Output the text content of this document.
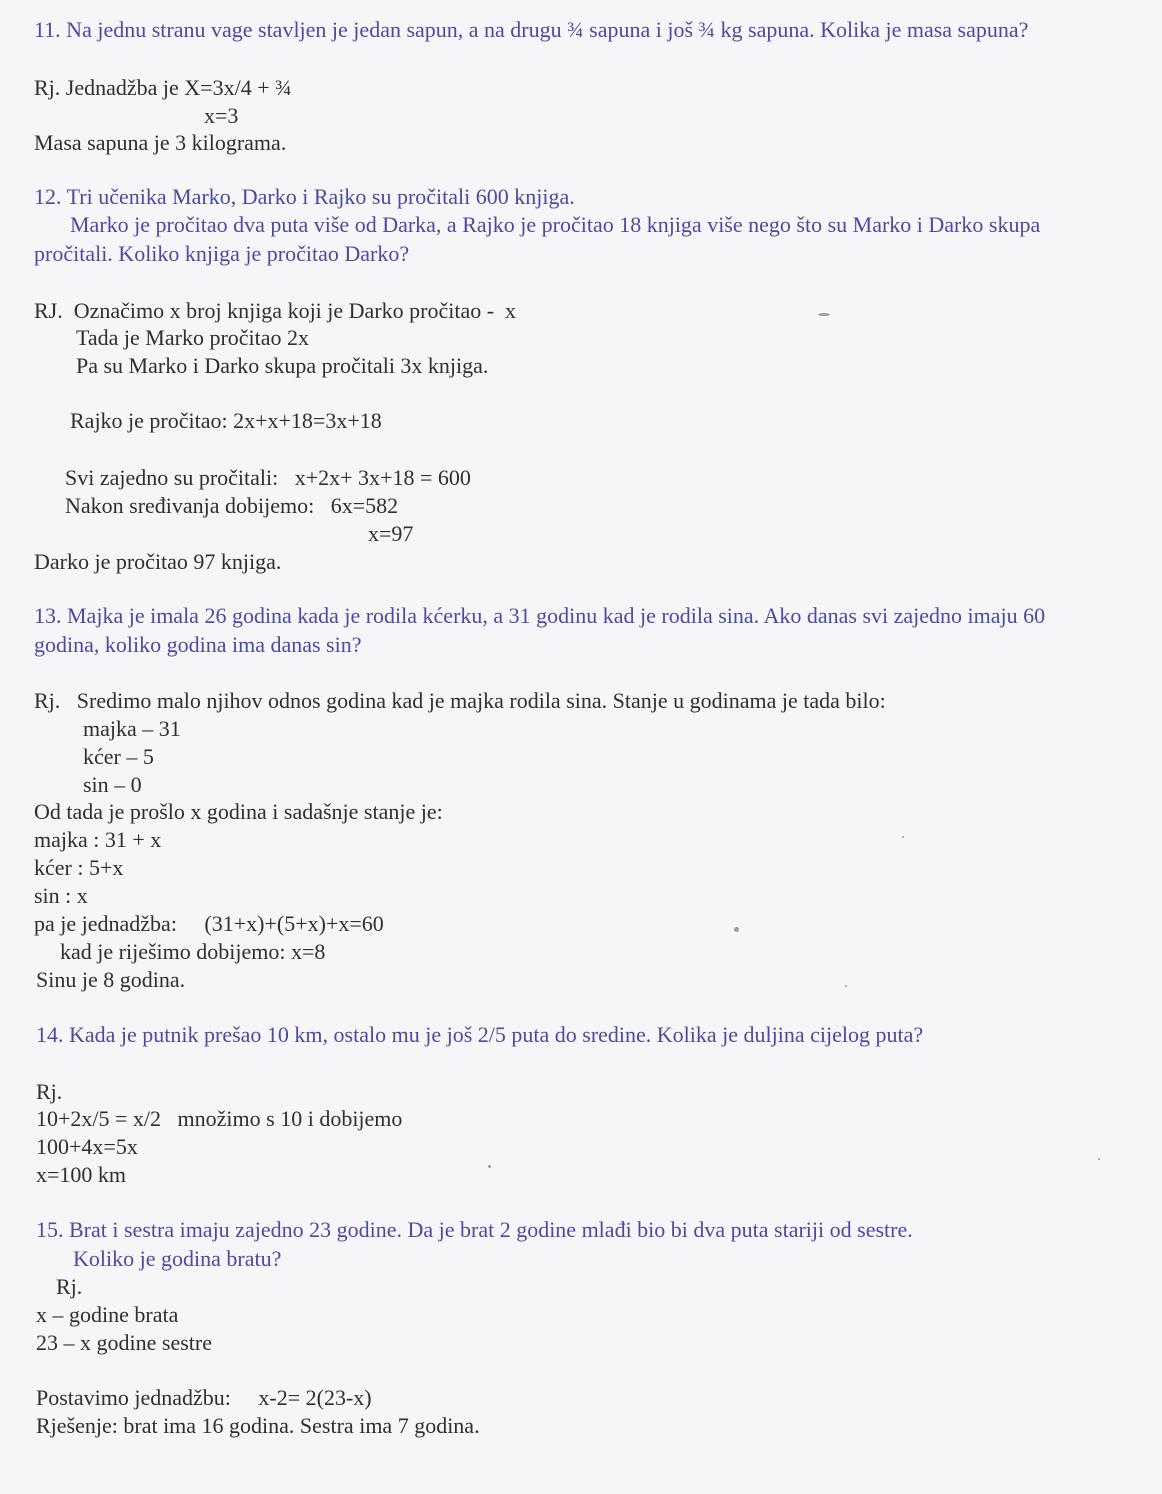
11. Na jednu stranu vage stavljen je jedan sapun, a na drugu ¾ sapuna i još ¾ kg sapuna. Kolika je masa sapuna?
Rj. Jednadžba je X=3x/4 + ¾
x=3
Masa sapuna je 3 kilograma.
12. Tri učenika Marko, Darko i Rajko su pročitali 600 knjiga.
Marko je pročitao dva puta više od Darka, a Rajko je pročitao 18 knjiga više nego što su Marko i Darko skupa
pročitali. Koliko knjiga je pročitao Darko?
RJ.  Označimo x broj knjiga koji je Darko pročitao -  x
Tada je Marko pročitao 2x
Pa su Marko i Darko skupa pročitali 3x knjiga.
Rajko je pročitao: 2x+x+18=3x+18
Svi zajedno su pročitali:   x+2x+ 3x+18 = 600
Nakon sređivanja dobijemo:   6x=582
x=97
Darko je pročitao 97 knjiga.
13. Majka je imala 26 godina kada je rodila kćerku, a 31 godinu kad je rodila sina. Ako danas svi zajedno imaju 60
godina, koliko godina ima danas sin?
Rj.   Sredimo malo njihov odnos godina kad je majka rodila sina. Stanje u godinama je tada bilo:
majka – 31
kćer – 5
sin – 0
Od tada je prošlo x godina i sadašnje stanje je:
majka : 31 + x
kćer : 5+x
sin : x
pa je jednadžba:     (31+x)+(5+x)+x=60
kad je riješimo dobijemo: x=8
Sinu je 8 godina.
14. Kada je putnik prešao 10 km, ostalo mu je još 2/5 puta do sredine. Kolika je duljina cijelog puta?
Rj.
10+2x/5 = x/2   množimo s 10 i dobijemo
100+4x=5x
x=100 km
15. Brat i sestra imaju zajedno 23 godine. Da je brat 2 godine mlađi bio bi dva puta stariji od sestre.
Koliko je godina bratu?
Rj.
x – godine brata
23 – x godine sestre
Postavimo jednadžbu:     x-2= 2(23-x)
Rješenje: brat ima 16 godina. Sestra ima 7 godina.
